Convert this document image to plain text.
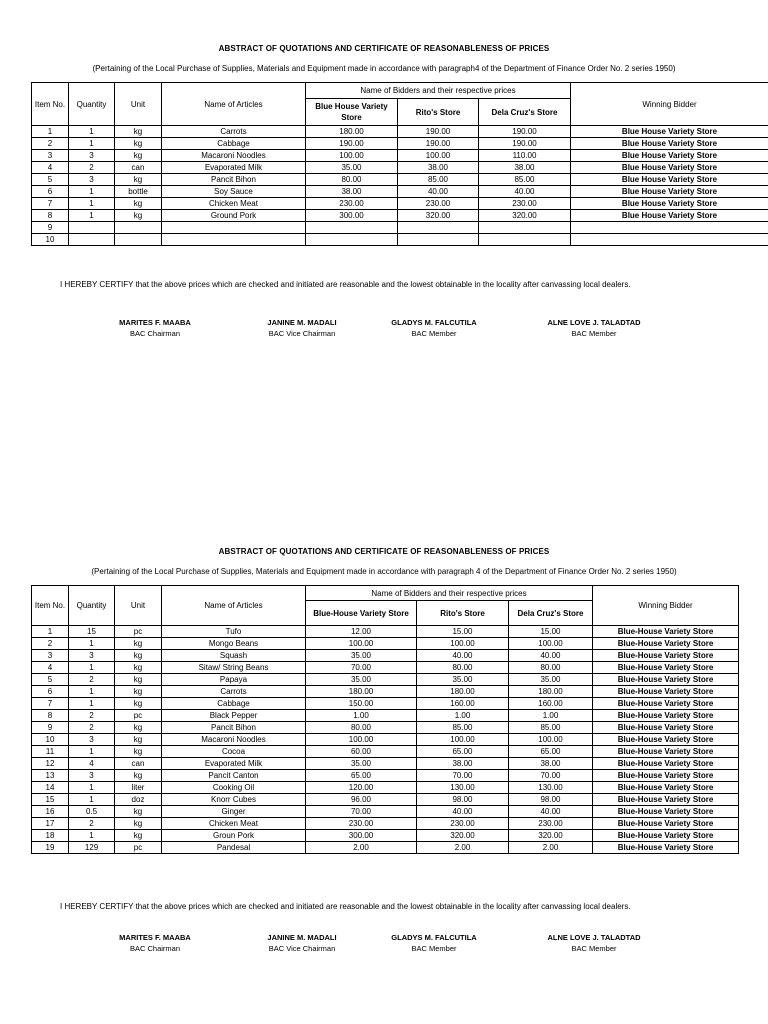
ABSTRACT OF QUOTATIONS AND CERTIFICATE OF REASONABLENESS OF PRICES
(Pertaining of the Local Purchase of Supplies, Materials and Equipment made in accordance with paragraph4 of the Department of Finance Order No. 2 series 1950)
Item No.	Quantity	Unit	Name of Articles	Name of Bidders and their respective prices			Winning Bidder
				Blue House Variety Store	Rito's Store	Dela Cruz's Store	
1	1	kg	Carrots	180.00	190.00	190.00	Blue House Variety Store
2	1	kg	Cabbage	190.00	190.00	190.00	Blue House Variety Store
3	3	kg	Macaroni Noodles	100.00	100.00	110.00	Blue House Variety Store
4	2	can	Evaporated Milk	35.00	38.00	38.00	Blue House Variety Store
5	3	kg	Pancit Bihon	80.00	85.00	85.00	Blue House Variety Store
6	1	bottle	Soy Sauce	38.00	40.00	40.00	Blue House Variety Store
7	1	kg	Chicken Meat	230.00	230.00	230.00	Blue House Variety Store
8	1	kg	Ground Pork	300.00	320.00	320.00	Blue House Variety Store
9							
10							
I HEREBY CERTIFY that the above prices which are checked and initiated are reasonable and the lowest obtainable in the locality after canvassing local dealers.
MARITES F. MAABA
BAC Chairman
JANINE M. MADALI
BAC Vice Chairman
GLADYS M. FALCUTILA
BAC Member
ALNE LOVE J. TALADTAD
BAC Member
ABSTRACT OF QUOTATIONS AND CERTIFICATE OF REASONABLENESS OF PRICES
(Pertaining of the Local Purchase of Supplies, Materials and Equipment made in accordance with paragraph 4 of the Department of Finance Order No. 2 series 1950)
Item No.	Quantity	Unit	Name of Articles	Name of Bidders and their respective prices			Winning Bidder
				Blue-House Variety Store	Rito's Store	Dela Cruz's Store	
1	15	pc	Tufo	12.00	15.00	15.00	Blue-House Variety Store
2	1	kg	Mongo Beans	100.00	100.00	100.00	Blue-House Variety Store
3	3	kg	Squash	35.00	40.00	40.00	Blue-House Variety Store
4	1	kg	Sitaw/ String Beans	70.00	80.00	80.00	Blue-House Variety Store
5	2	kg	Papaya	35.00	35.00	35.00	Blue-House Variety Store
6	1	kg	Carrots	180.00	180.00	180.00	Blue-House Variety Store
7	1	kg	Cabbage	150.00	160.00	160.00	Blue-House Variety Store
8	2	pc	Black Pepper	1.00	1.00	1.00	Blue-House Variety Store
9	2	kg	Pancit Bihon	80.00	85.00	85.00	Blue-House Variety Store
10	3	kg	Macaroni Noodles	100.00	100.00	100.00	Blue-House Variety Store
11	1	kg	Cocoa	60.00	65.00	65.00	Blue-House Variety Store
12	4	can	Evaporated Milk	35.00	38.00	38.00	Blue-House Variety Store
13	3	kg	Pancit Canton	65.00	70.00	70.00	Blue-House Variety Store
14	1	liter	Cooking Oil	120.00	130.00	130.00	Blue-House Variety Store
15	1	doz	Knorr Cubes	96.00	98.00	98.00	Blue-House Variety Store
16	0.5	kg	Ginger	70.00	40.00	40.00	Blue-House Variety Store
17	2	kg	Chicken Meat	230.00	230.00	230.00	Blue-House Variety Store
18	1	kg	Groun Pork	300.00	320.00	320.00	Blue-House Variety Store
19	129	pc	Pandesal	2.00	2.00	2.00	Blue-House Variety Store
I HEREBY CERTIFY that the above prices which are checked and initiated are reasonable and the lowest obtainable in the locality after canvassing local dealers.
MARITES F. MAABA
BAC Chairman
JANINE M. MADALI
BAC Vice Chairman
GLADYS M. FALCUTILA
BAC Member
ALNE LOVE J. TALADTAD
BAC Member
